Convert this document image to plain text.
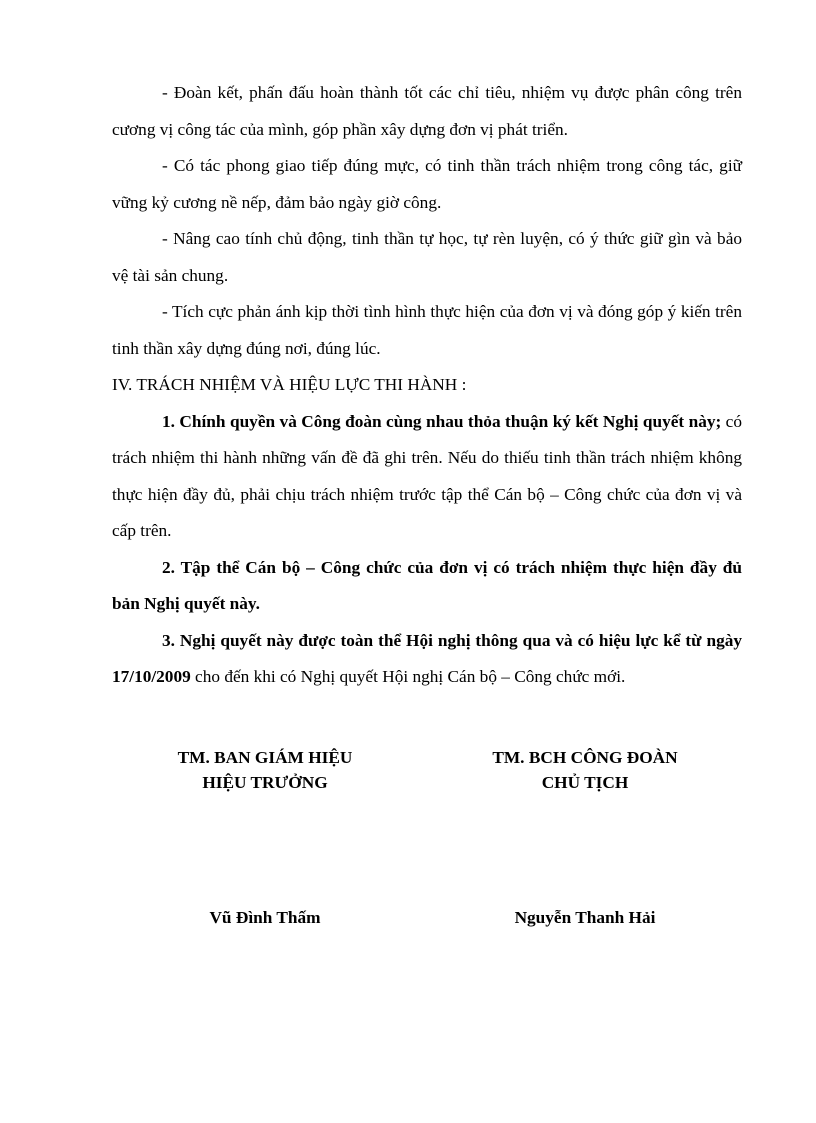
- Đoàn kết, phấn đấu hoàn thành tốt các chỉ tiêu, nhiệm vụ được phân công trên cương vị công tác của mình, góp phần xây dựng đơn vị phát triển.

- Có tác phong giao tiếp đúng mực, có tinh thần trách nhiệm trong công tác, giữ vững kỷ cương nề nếp, đảm bảo ngày giờ công.

- Nâng cao tính chủ động, tinh thần tự học, tự rèn luyện, có ý thức giữ gìn và bảo vệ tài sản chung.

- Tích cực phản ánh kịp thời tình hình thực hiện của đơn vị và đóng góp ý kiến trên tinh thần xây dựng đúng nơi, đúng lúc.

IV. TRÁCH NHIỆM VÀ HIỆU LỰC THI HÀNH :

1. Chính quyền và Công đoàn cùng nhau thỏa thuận ký kết Nghị quyết này; có trách nhiệm thi hành những vấn đề đã ghi trên. Nếu do thiếu tinh thần trách nhiệm không thực hiện đầy đủ, phải chịu trách nhiệm trước tập thể Cán bộ – Công chức của đơn vị và cấp trên.

2. Tập thể Cán bộ – Công chức của đơn vị có trách nhiệm thực hiện đầy đủ bản Nghị quyết này.

3. Nghị quyết này được toàn thể Hội nghị thông qua và có hiệu lực kể từ ngày 17/10/2009 cho đến khi có Nghị quyết Hội nghị Cán bộ – Công chức mới.

TM. BAN GIÁM HIỆU
HIỆU TRƯỞNG
TM. BCH CÔNG ĐOÀN
CHỦ TỊCH
Vũ Đình Thấm	Nguyễn Thanh Hải
